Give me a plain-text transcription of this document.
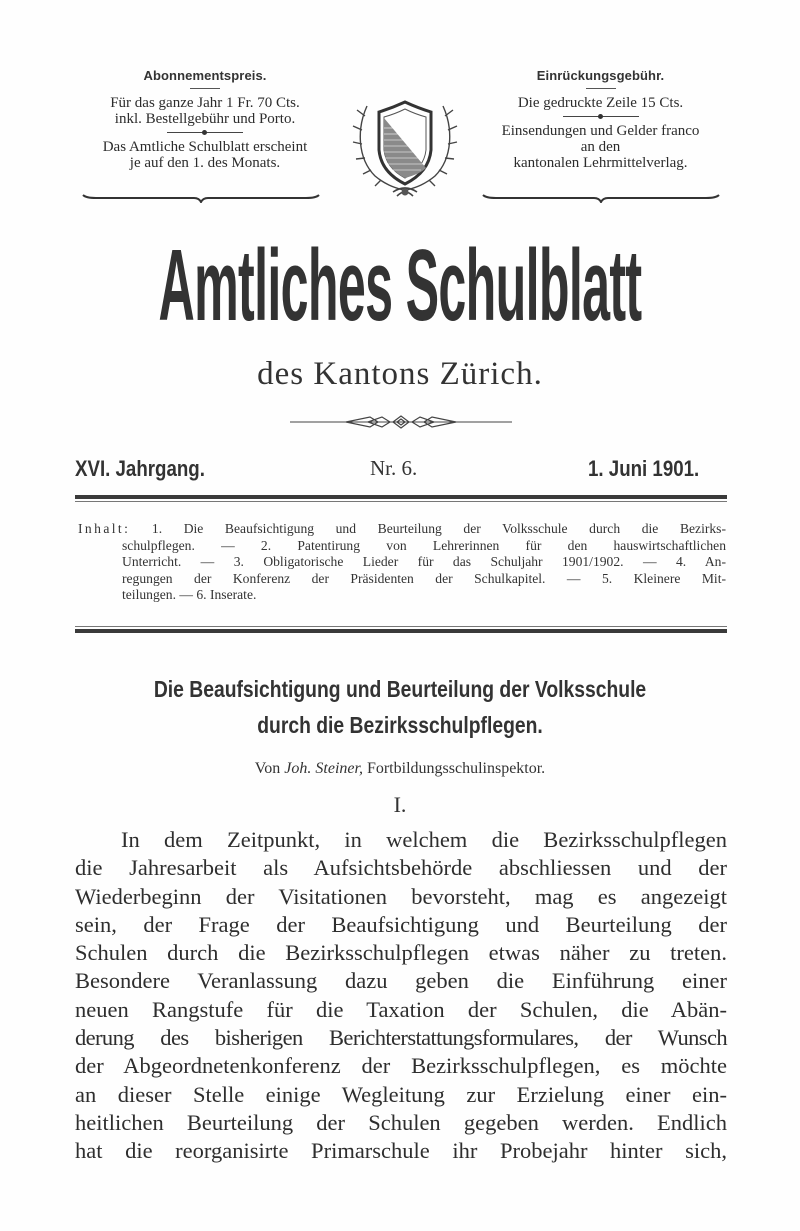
Abonnementspreis.
Für das ganze Jahr 1 Fr. 70 Cts.
inkl. Bestellgebühr und Porto.
Das Amtliche Schulblatt erscheint
je auf den 1. des Monats.
Einrückungsgebühr.
Die gedruckte Zeile 15 Cts.
Einsendungen und Gelder franco
an den
kantonalen Lehrmittelverlag.
Amtliches Schulblatt
des Kantons Zürich.
XVI. Jahrgang.	Nr. 6.	1. Juni 1901.
Inhalt: 1. Die Beaufsichtigung und Beurteilung der Volksschule durch die Bezirks-
schulpflegen. — 2. Patentirung von Lehrerinnen für den hauswirtschaftlichen
Unterricht. — 3. Obligatorische Lieder für das Schuljahr 1901/1902. — 4. An-
regungen der Konferenz der Präsidenten der Schulkapitel. — 5. Kleinere Mit-
teilungen. — 6. Inserate.
Die Beaufsichtigung und Beurteilung der Volksschule
durch die Bezirksschulpflegen.
Von Joh. Steiner, Fortbildungsschulinspektor.
I.
In dem Zeitpunkt, in welchem die Bezirksschulpflegen
die Jahresarbeit als Aufsichtsbehörde abschliessen und der
Wiederbeginn der Visitationen bevorsteht, mag es angezeigt
sein, der Frage der Beaufsichtigung und Beurteilung der
Schulen durch die Bezirksschulpflegen etwas näher zu treten.
Besondere Veranlassung dazu geben die Einführung einer
neuen Rangstufe für die Taxation der Schulen, die Abän-
derung des bisherigen Berichterstattungsformulares, der Wunsch
der Abgeordnetenkonferenz der Bezirksschulpflegen, es möchte
an dieser Stelle einige Wegleitung zur Erzielung einer ein-
heitlichen Beurteilung der Schulen gegeben werden. Endlich
hat die reorganisirte Primarschule ihr Probejahr hinter sich,
